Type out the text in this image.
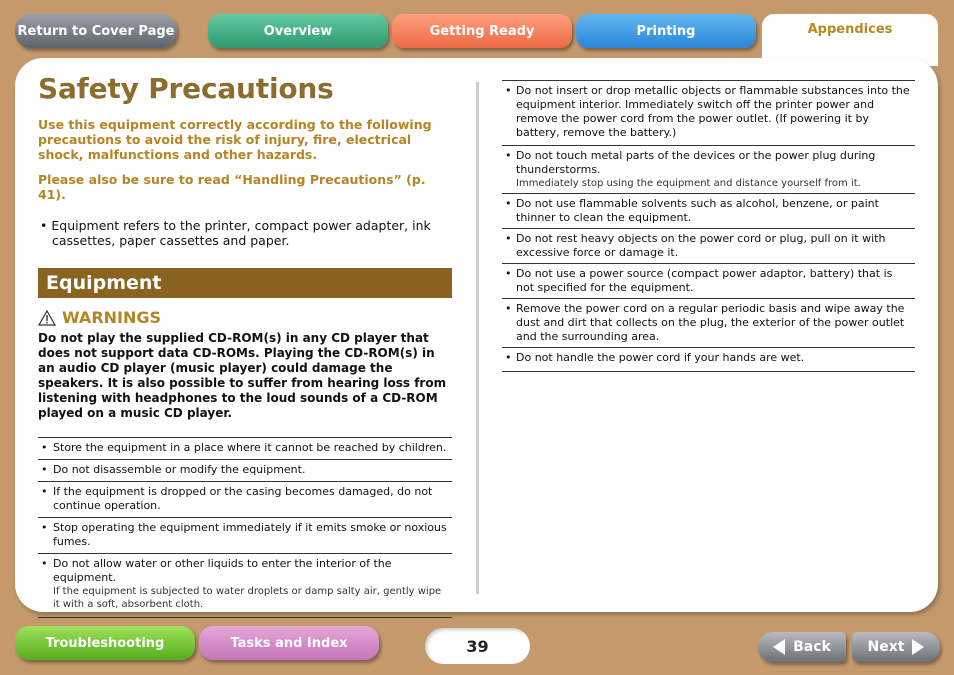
Return to Cover Page	Overview	Getting Ready	Printing	Appendices
Safety Precautions

Use this equipment correctly according to the following precautions to avoid the risk of injury, fire, electrical shock, malfunctions and other hazards.

Please also be sure to read “Handling Precautions” (p.  41).

• Equipment refers to the printer, compact power adapter, ink cassettes, paper cassettes and paper.

Equipment
WARNINGS

Do not play the supplied CD-ROM(s) in any CD player that does not support data CD-ROMs. Playing the CD-ROM(s) in an audio CD player (music player) could damage the speakers. It is also possible to suffer from hearing loss from listening with headphones to the loud sounds of a CD-ROM played on a music CD player.

• Store the equipment in a place where it cannot be reached by children.
• Do not disassemble or modify the equipment.
• If the equipment is dropped or the casing becomes damaged, do not continue operation.
• Stop operating the equipment immediately if it emits smoke or noxious fumes.
• Do not allow water or other liquids to enter the interior of the equipment.
If the equipment is subjected to water droplets or damp salty air, gently wipe it with a soft, absorbent cloth.
• Do not insert or drop metallic objects or flammable substances into the equipment interior. Immediately switch off the printer power and remove the power cord from the power outlet. (If powering it by battery, remove the battery.)
• Do not touch metal parts of the devices or the power plug during thunderstorms.
Immediately stop using the equipment and distance yourself from it.
• Do not use flammable solvents such as alcohol, benzene, or paint thinner to clean the equipment.
• Do not rest heavy objects on the power cord or plug, pull on it with excessive force or damage it.
• Do not use a power source (compact power adaptor, battery) that is not specified for the equipment.
• Remove the power cord on a regular periodic basis and wipe away the dust and dirt that collects on the plug, the exterior of the power outlet and the surrounding area.
• Do not handle the power cord if your hands are wet.
Troubleshooting	Tasks and Index	39	Back	Next
